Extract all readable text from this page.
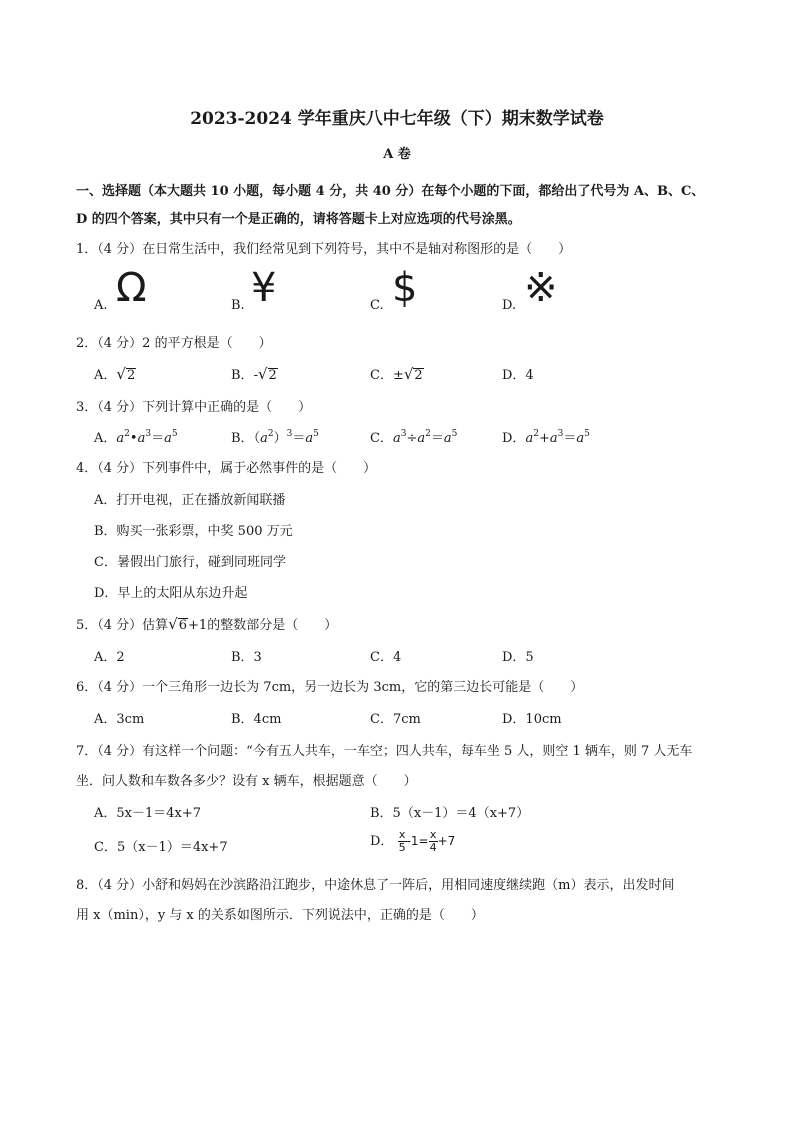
2023-2024 学年重庆八中七年级（下）期末数学试卷
A 卷
一、选择题（本大题共 10 小题，每小题 4 分，共 40 分）在每个小题的下面，都给出了代号为 A、B、C、
D 的四个答案，其中只有一个是正确的，请将答题卡上对应选项的代号涂黑。
1．（4 分）在日常生活中，我们经常见到下列符号，其中不是轴对称图形的是（　　）
A. Ω	B. ¥	C. $	D. ※
2．（4 分）2 的平方根是（　　）
A．√2	B．-√2	C．±√2	D．4
3．（4 分）下列计算中正确的是（　　）
A．$a^2•a^3=a^5$	B．$(a^2)^3=a^5$	C．$a^3\div a^2=a^5$	D．$a^2+a^3=a^5$
4．（4 分）下列事件中，属于必然事件的是（　　）
A．打开电视，正在播放新闻联播
B．购买一张彩票，中奖 500 万元
C．暑假出门旅行，碰到同班同学
D．早上的太阳从东边升起
5．（4 分）估算√6+1的整数部分是（　　）
A．2	B．3	C．4	D．5
6．（4 分）一个三角形一边长为 7cm，另一边长为 3cm，它的第三边长可能是（　　）
A．3cm	B．4cm	C．7cm	D．10cm
7．（4 分）有这样一个问题：“今有五人共车，一车空；四人共车，每车坐 5 人，则空 1 辆车，则 7 人无车
坐．问人数和车数各多少？设有 x 辆车，根据题意（　　）
A．5x－1＝4x+7	B．5（x－1）＝4（x+7）
C．5（x－1）＝4x+7	D． $\frac{x}{5} -1= \frac{x}{4} +7$
8．（4 分）小舒和妈妈在沙滨路沿江跑步，中途休息了一阵后，用相同速度继续跑（m）表示，出发时间
用 x（min），y 与 x 的关系如图所示．下列说法中，正确的是（　　）
